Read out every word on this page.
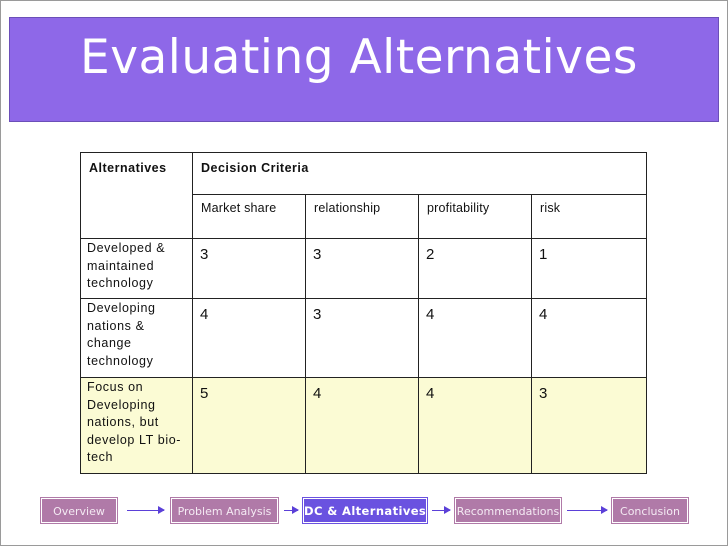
Evaluating Alternatives
Alternatives	Decision Criteria			

	Market share	relationship	profitability	risk

Developed &
maintained
technology	3	3	2	1

Developing
nations &
change
technology	4	3	4	4

Focus on
Developing
nations, but
develop LT bio-
tech	5	4	4	3
Overview	Problem Analysis	DC & Alternatives	Recommendations	Conclusion
